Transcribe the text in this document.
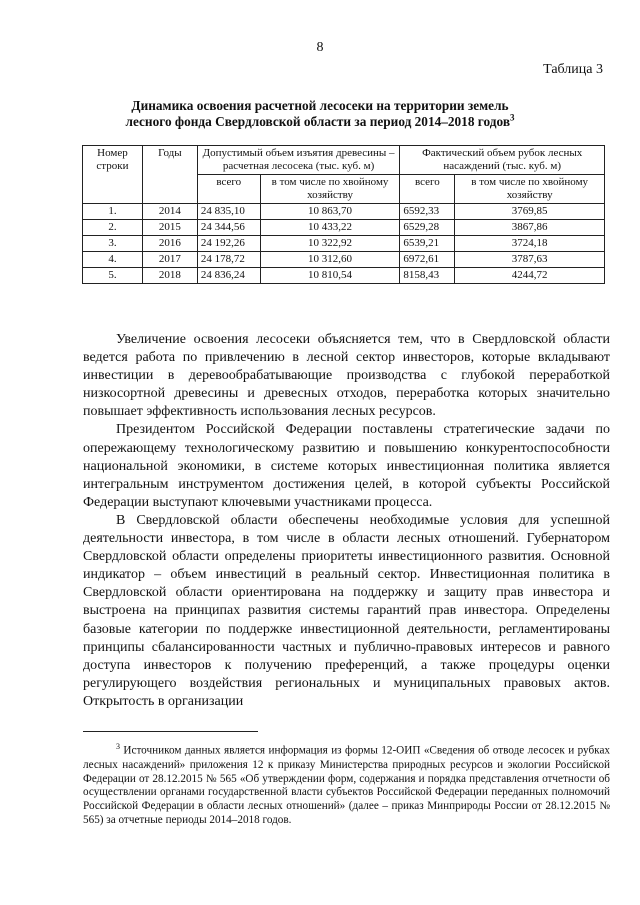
8
Таблица 3
Динамика освоения расчетной лесосеки на территории земель
лесного фонда Свердловской области за период 2014–2018 годов$^3$
Номер строки	Годы	Допустимый объем изъятия древесины – расчетная лесосека (тыс. куб. м)		Фактический объем рубок лесных насаждений (тыс. куб. м)	
		всего	в том числе по хвойному хозяйству	всего	в том числе по хвойному хозяйству
1.	2014	24 835,10	10 863,70	6592,33	3769,85
2.	2015	24 344,56	10 433,22	6529,28	3867,86
3.	2016	24 192,26	10 322,92	6539,21	3724,18
4.	2017	24 178,72	10 312,60	6972,61	3787,63
5.	2018	24 836,24	10 810,54	8158,43	4244,72

Увеличение освоения лесосеки объясняется тем, что в Свердловской области ведется работа по привлечению в лесной сектор инвесторов, которые вкладывают инвестиции в деревообрабатывающие производства с глубокой переработкой низкосортной древесины и древесных отходов, переработка которых значительно повышает эффективность использования лесных ресурсов.

Президентом Российской Федерации поставлены стратегические задачи по опережающему технологическому развитию и повышению конкурентоспособности национальной экономики, в системе которых инвестиционная политика является интегральным инструментом достижения целей, в которой субъекты Российской Федерации выступают ключевыми участниками процесса.

В Свердловской области обеспечены необходимые условия для успешной деятельности инвестора, в том числе в области лесных отношений. Губернатором Свердловской области определены приоритеты инвестиционного развития. Основной индикатор – объем инвестиций в реальный сектор. Инвестиционная политика в Свердловской области ориентирована на поддержку и защиту прав инвестора и выстроена на принципах развития системы гарантий прав инвестора. Определены базовые категории по поддержке инвестиционной деятельности, регламентированы принципы сбалансированности частных и публично-правовых интересов и равного доступа инвесторов к получению преференций, а также процедуры оценки регулирующего воздействия региональных и муниципальных правовых актов. Открытость в организации

$^3$ Источником данных является информация из формы 12-ОИП «Сведения об отводе лесосек и рубках лесных насаждений» приложения 12 к приказу Министерства природных ресурсов и экологии Российской Федерации от 28.12.2015 № 565 «Об утверждении форм, содержания и порядка представления отчетности об осуществлении органами государственной власти субъектов Российской Федерации переданных полномочий Российской Федерации в области лесных отношений» (далее – приказ Минприроды России от 28.12.2015 № 565) за отчетные периоды 2014–2018 годов.
